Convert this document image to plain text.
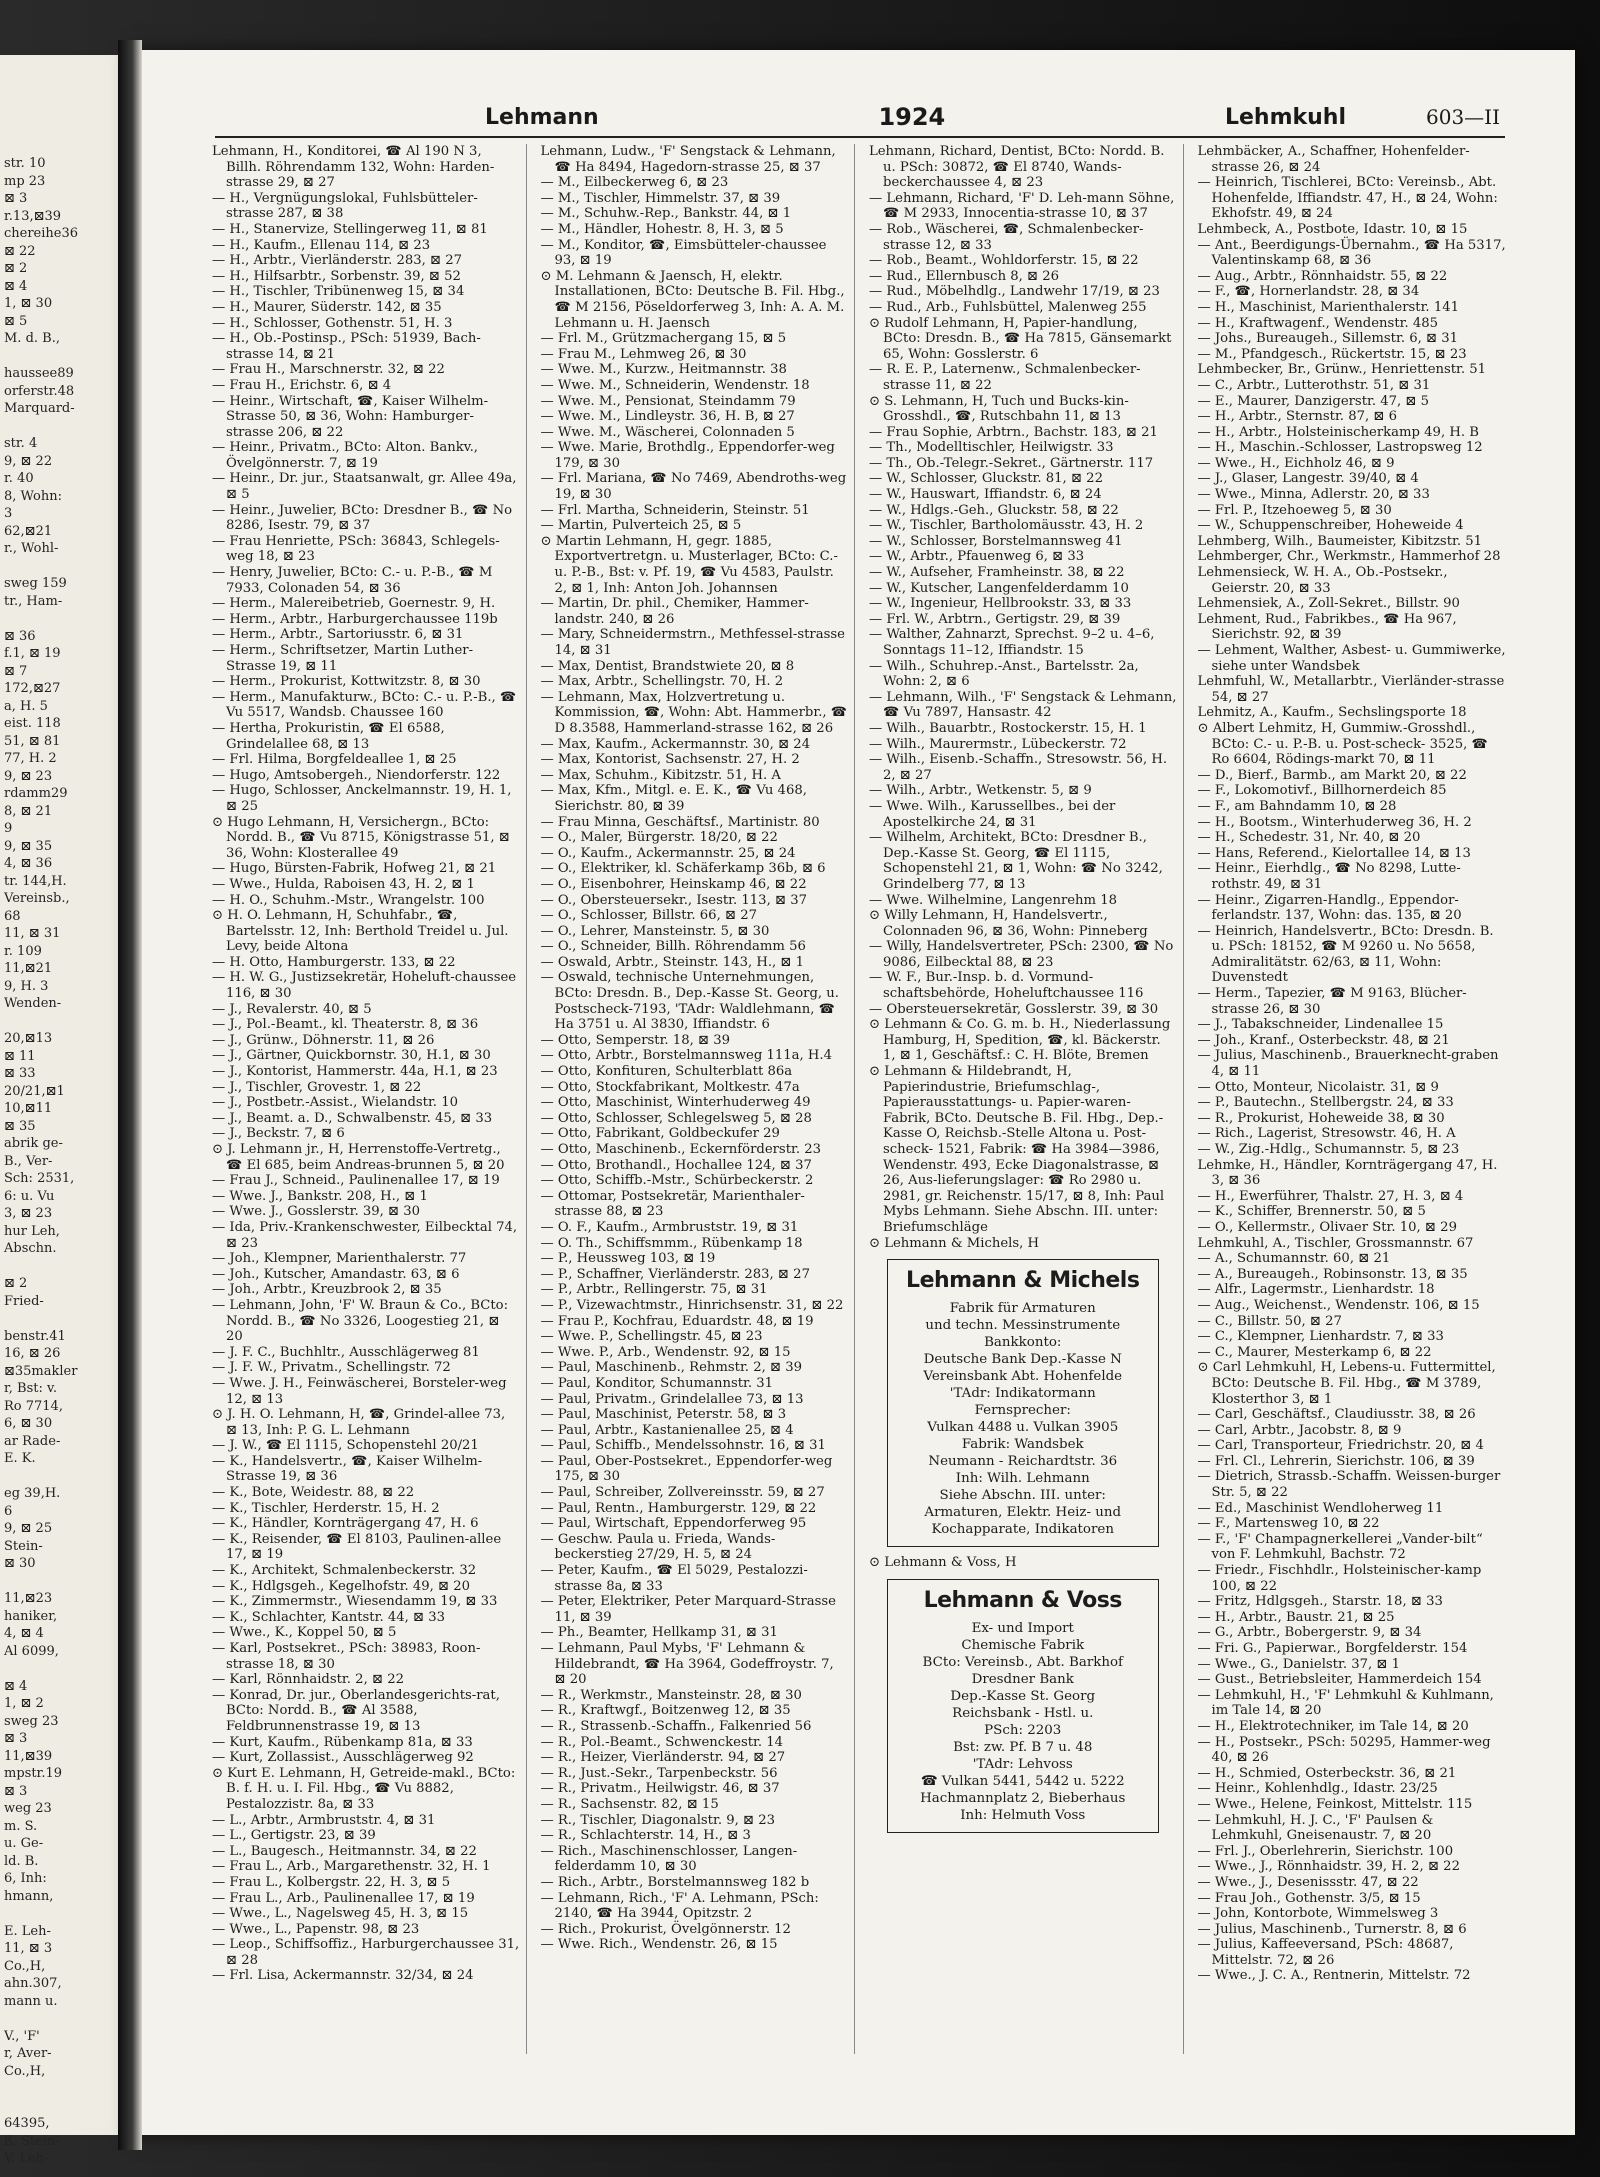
str. 10
mp 23
⊠ 3
r.13,⊠39
chereihe36
⊠ 22
⊠ 2
⊠ 4
1, ⊠ 30
⊠ 5
M. d. B.,
haussee89
orferstr.48
Marquard-
str. 4
9, ⊠ 22
r. 40
8, Wohn:
3
62,⊠21
r., Wohl-
sweg 159
tr., Ham-
⊠ 36
f.1, ⊠ 19
⊠ 7
172,⊠27
a, H. 5
eist. 118
51, ⊠ 81
77, H. 2
9, ⊠ 23
rdamm29
8, ⊠ 21
9
9, ⊠ 35
4, ⊠ 36
tr. 144,H.
Vereinsb.,
68
11, ⊠ 31
r. 109
11,⊠21
9, H. 3
Wenden-
20,⊠13
⊠ 11
⊠ 33
20/21,⊠1
10,⊠11
⊠ 35
abrik ge-
B., Ver-
Sch: 2531,
6: u. Vu
3, ⊠ 23
hur Leh,
Abschn.
⊠ 2
Fried-
benstr.41
16, ⊠ 26
⊠35makler
r, Bst: v.
Ro 7714,
6, ⊠ 30
ar Rade-
E. K.
eg 39,H.
6
9, ⊠ 25
Stein-
⊠ 30
11,⊠23
haniker,
4, ⊠ 4
Al 6099,
⊠ 4
1, ⊠ 2
sweg 23
⊠ 3
11,⊠39
mpstr.19
⊠ 3
weg 23
m. S.
u. Ge-
ld. B.
6, Inh:
hmann,
E. Leh-
11, ⊠ 3
Co.,H,
ahn.307,
mann u.
V., 'F'
r, Aver-
Co.,H,
64395,
ß, Stein-
V. Leh-
Lehmann	1924	Lehmkuhl	603—II

Lehmann, H., Konditorei, ☎ Al 190 N 3, Billh. Röhrendamm 132, Wohn: Harden-strasse 29, ⊠ 27

— H., Vergnügungslokal, Fuhlsbütteler-strasse 287, ⊠ 38

— H., Stanervize, Stellingerweg 11, ⊠ 81

— H., Kaufm., Ellenau 114, ⊠ 23

— H., Arbtr., Vierländerstr. 283, ⊠ 27

— H., Hilfsarbtr., Sorbenstr. 39, ⊠ 52

— H., Tischler, Tribünenweg 15, ⊠ 34

— H., Maurer, Süderstr. 142, ⊠ 35

— H., Schlosser, Gothenstr. 51, H. 3

— H., Ob.-Postinsp., PSch: 51939, Bach-strasse 14, ⊠ 21

— Frau H., Marschnerstr. 32, ⊠ 22

— Frau H., Erichstr. 6, ⊠ 4

— Heinr., Wirtschaft, ☎, Kaiser Wilhelm-Strasse 50, ⊠ 36, Wohn: Hamburger-strasse 206, ⊠ 22

— Heinr., Privatm., BCto: Alton. Bankv., Övelgönnerstr. 7, ⊠ 19

— Heinr., Dr. jur., Staatsanwalt, gr. Allee 49a, ⊠ 5

— Heinr., Juwelier, BCto: Dresdner B., ☎ No 8286, Isestr. 79, ⊠ 37

— Frau Henriette, PSch: 36843, Schlegels-weg 18, ⊠ 23

— Henry, Juwelier, BCto: C.- u. P.-B., ☎ M 7933, Colonaden 54, ⊠ 36

— Herm., Malereibetrieb, Goernestr. 9, H.

— Herm., Arbtr., Harburgerchaussee 119b

— Herm., Arbtr., Sartoriusstr. 6, ⊠ 31

— Herm., Schriftsetzer, Martin Luther-Strasse 19, ⊠ 11

— Herm., Prokurist, Kottwitzstr. 8, ⊠ 30

— Herm., Manufakturw., BCto: C.- u. P.-B., ☎ Vu 5517, Wandsb. Chaussee 160

— Hertha, Prokuristin, ☎ El 6588, Grindelallee 68, ⊠ 13

— Frl. Hilma, Borgfeldeallee 1, ⊠ 25

— Hugo, Amtsobergeh., Niendorferstr. 122

— Hugo, Schlosser, Anckelmannstr. 19, H. 1, ⊠ 25

⊙ Hugo Lehmann, H, Versichergn., BCto: Nordd. B., ☎ Vu 8715, Königstrasse 51, ⊠ 36, Wohn: Klosterallee 49

— Hugo, Bürsten-Fabrik, Hofweg 21, ⊠ 21

— Wwe., Hulda, Raboisen 43, H. 2, ⊠ 1

— H. O., Schuhm.-Mstr., Wrangelstr. 100

⊙ H. O. Lehmann, H, Schuhfabr., ☎, Bartelsstr. 12, Inh: Berthold Treidel u. Jul. Levy, beide Altona

— H. Otto, Hamburgerstr. 133, ⊠ 22

— H. W. G., Justizsekretär, Hoheluft-chaussee 116, ⊠ 30

— J., Revalerstr. 40, ⊠ 5

— J., Pol.-Beamt., kl. Theaterstr. 8, ⊠ 36

— J., Grünw., Döhnerstr. 11, ⊠ 26

— J., Gärtner, Quickbornstr. 30, H.1, ⊠ 30

— J., Kontorist, Hammerstr. 44a, H.1, ⊠ 23

— J., Tischler, Grovestr. 1, ⊠ 22

— J., Postbetr.-Assist., Wielandstr. 10

— J., Beamt. a. D., Schwalbenstr. 45, ⊠ 33

— J., Beckstr. 7, ⊠ 6

⊙ J. Lehmann jr., H, Herrenstoffe-Vertretg., ☎ El 685, beim Andreas-brunnen 5, ⊠ 20

— Frau J., Schneid., Paulinenallee 17, ⊠ 19

— Wwe. J., Bankstr. 208, H., ⊠ 1

— Wwe. J., Gosslerstr. 39, ⊠ 30

— Ida, Priv.-Krankenschwester, Eilbecktal 74, ⊠ 23

— Joh., Klempner, Marienthalerstr. 77

— Joh., Kutscher, Amandastr. 63, ⊠ 6

— Joh., Arbtr., Kreuzbrook 2, ⊠ 35

— Lehmann, John, 'F' W. Braun & Co., BCto: Nordd. B., ☎ No 3326, Loogestieg 21, ⊠ 20

— J. F. C., Buchhltr., Ausschlägerweg 81

— J. F. W., Privatm., Schellingstr. 72

— Wwe. J. H., Feinwäscherei, Borsteler-weg 12, ⊠ 13

⊙ J. H. O. Lehmann, H, ☎, Grindel-allee 73, ⊠ 13, Inh: P. G. L. Lehmann

— J. W., ☎ El 1115, Schopenstehl 20/21

— K., Handelsvertr., ☎, Kaiser Wilhelm-Strasse 19, ⊠ 36

— K., Bote, Weidestr. 88, ⊠ 22

— K., Tischler, Herderstr. 15, H. 2

— K., Händler, Kornträgergang 47, H. 6

— K., Reisender, ☎ El 8103, Paulinen-allee 17, ⊠ 19

— K., Architekt, Schmalenbeckerstr. 32

— K., Hdlgsgeh., Kegelhofstr. 49, ⊠ 20

— K., Zimmermstr., Wiesendamm 19, ⊠ 33

— K., Schlachter, Kantstr. 44, ⊠ 33

— Wwe., K., Koppel 50, ⊠ 5

— Karl, Postsekret., PSch: 38983, Roon-strasse 18, ⊠ 30

— Karl, Rönnhaidstr. 2, ⊠ 22

— Konrad, Dr. jur., Oberlandesgerichts-rat, BCto: Nordd. B., ☎ Al 3588, Feldbrunnenstrasse 19, ⊠ 13

— Kurt, Kaufm., Rübenkamp 81a, ⊠ 33

— Kurt, Zollassist., Ausschlägerweg 92

⊙ Kurt E. Lehmann, H, Getreide-makl., BCto: B. f. H. u. I. Fil. Hbg., ☎ Vu 8882, Pestalozzistr. 8a, ⊠ 33

— L., Arbtr., Armbruststr. 4, ⊠ 31

— L., Gertigstr. 23, ⊠ 39

— L., Baugesch., Heitmannstr. 34, ⊠ 22

— Frau L., Arb., Margarethenstr. 32, H. 1

— Frau L., Kolbergstr. 22, H. 3, ⊠ 5

— Frau L., Arb., Paulinenallee 17, ⊠ 19

— Wwe., L., Nagelsweg 45, H. 3, ⊠ 15

— Wwe., L., Papenstr. 98, ⊠ 23

— Leop., Schiffsoffiz., Harburgerchaussee 31, ⊠ 28

— Frl. Lisa, Ackermannstr. 32/34, ⊠ 24

Lehmann, Ludw., 'F' Sengstack & Lehmann, ☎ Ha 8494, Hagedorn-strasse 25, ⊠ 37

— M., Eilbeckerweg 6, ⊠ 23

— M., Tischler, Himmelstr. 37, ⊠ 39

— M., Schuhw.-Rep., Bankstr. 44, ⊠ 1

— M., Händler, Hohestr. 8, H. 3, ⊠ 5

— M., Konditor, ☎, Eimsbütteler-chaussee 93, ⊠ 19

⊙ M. Lehmann & Jaensch, H, elektr. Installationen, BCto: Deutsche B. Fil. Hbg., ☎ M 2156, Pöseldorferweg 3, Inh: A. A. M. Lehmann u. H. Jaensch

— Frl. M., Grützmachergang 15, ⊠ 5

— Frau M., Lehmweg 26, ⊠ 30

— Wwe. M., Kurzw., Heitmannstr. 38

— Wwe. M., Schneiderin, Wendenstr. 18

— Wwe. M., Pensionat, Steindamm 79

— Wwe. M., Lindleystr. 36, H. B, ⊠ 27

— Wwe. M., Wäscherei, Colonnaden 5

— Wwe. Marie, Brothdlg., Eppendorfer-weg 179, ⊠ 30

— Frl. Mariana, ☎ No 7469, Abendroths-weg 19, ⊠ 30

— Frl. Martha, Schneiderin, Steinstr. 51

— Martin, Pulverteich 25, ⊠ 5

⊙ Martin Lehmann, H, gegr. 1885, Exportvertretgn. u. Musterlager, BCto: C.- u. P.-B., Bst: v. Pf. 19, ☎ Vu 4583, Paulstr. 2, ⊠ 1, Inh: Anton Joh. Johannsen

— Martin, Dr. phil., Chemiker, Hammer-landstr. 240, ⊠ 26

— Mary, Schneidermstrn., Methfessel-strasse 14, ⊠ 31

— Max, Dentist, Brandstwiete 20, ⊠ 8

— Max, Arbtr., Schellingstr. 70, H. 2

— Lehmann, Max, Holzvertretung u. Kommission, ☎, Wohn: Abt. Hammerbr., ☎ D 8.3588, Hammerland-strasse 162, ⊠ 26

— Max, Kaufm., Ackermannstr. 30, ⊠ 24

— Max, Kontorist, Sachsenstr. 27, H. 2

— Max, Schuhm., Kibitzstr. 51, H. A

— Max, Kfm., Mitgl. e. E. K., ☎ Vu 468, Sierichstr. 80, ⊠ 39

— Frau Minna, Geschäftsf., Martinistr. 80

— O., Maler, Bürgerstr. 18/20, ⊠ 22

— O., Kaufm., Ackermannstr. 25, ⊠ 24

— O., Elektriker, kl. Schäferkamp 36b, ⊠ 6

— O., Eisenbohrer, Heinskamp 46, ⊠ 22

— O., Obersteuersekr., Isestr. 113, ⊠ 37

— O., Schlosser, Billstr. 66, ⊠ 27

— O., Lehrer, Mansteinstr. 5, ⊠ 30

— O., Schneider, Billh. Röhrendamm 56

— Oswald, Arbtr., Steinstr. 143, H., ⊠ 1

— Oswald, technische Unternehmungen, BCto: Dresdn. B., Dep.-Kasse St. Georg, u. Postscheck-7193, 'TAdr: Waldlehmann, ☎ Ha 3751 u. Al 3830, Iffiandstr. 6

— Otto, Semperstr. 18, ⊠ 39

— Otto, Arbtr., Borstelmannsweg 111a, H.4

— Otto, Konfituren, Schulterblatt 86a

— Otto, Stockfabrikant, Moltkestr. 47a

— Otto, Maschinist, Winterhuderweg 49

— Otto, Schlosser, Schlegelsweg 5, ⊠ 28

— Otto, Fabrikant, Goldbeckufer 29

— Otto, Maschinenb., Eckernförderstr. 23

— Otto, Brothandl., Hochallee 124, ⊠ 37

— Otto, Schiffb.-Mstr., Schürbeckerstr. 2

— Ottomar, Postsekretär, Marienthaler-strasse 88, ⊠ 23

— O. F., Kaufm., Armbruststr. 19, ⊠ 31

— O. Th., Schiffsmmm., Rübenkamp 18

— P., Heussweg 103, ⊠ 19

— P., Schaffner, Vierländerstr. 283, ⊠ 27

— P., Arbtr., Rellingerstr. 75, ⊠ 31

— P., Vizewachtmstr., Hinrichsenstr. 31, ⊠ 22

— Frau P., Kochfrau, Eduardstr. 48, ⊠ 19

— Wwe. P., Schellingstr. 45, ⊠ 23

— Wwe. P., Arb., Wendenstr. 92, ⊠ 15

— Paul, Maschinenb., Rehmstr. 2, ⊠ 39

— Paul, Konditor, Schumannstr. 31

— Paul, Privatm., Grindelallee 73, ⊠ 13

— Paul, Maschinist, Peterstr. 58, ⊠ 3

— Paul, Arbtr., Kastanienallee 25, ⊠ 4

— Paul, Schiffb., Mendelssohnstr. 16, ⊠ 31

— Paul, Ober-Postsekret., Eppendorfer-weg 175, ⊠ 30

— Paul, Schreiber, Zollvereinsstr. 59, ⊠ 27

— Paul, Rentn., Hamburgerstr. 129, ⊠ 22

— Paul, Wirtschaft, Eppendorferweg 95

— Geschw. Paula u. Frieda, Wands-beckerstieg 27/29, H. 5, ⊠ 24

— Peter, Kaufm., ☎ El 5029, Pestalozzi-strasse 8a, ⊠ 33

— Peter, Elektriker, Peter Marquard-Strasse 11, ⊠ 39

— Ph., Beamter, Hellkamp 31, ⊠ 31

— Lehmann, Paul Mybs, 'F' Lehmann & Hildebrandt, ☎ Ha 3964, Godeffroystr. 7, ⊠ 20

— R., Werkmstr., Mansteinstr. 28, ⊠ 30

— R., Kraftwgf., Boitzenweg 12, ⊠ 35

— R., Strassenb.-Schaffn., Falkenried 56

— R., Pol.-Beamt., Schwenckestr. 14

— R., Heizer, Vierländerstr. 94, ⊠ 27

— R., Just.-Sekr., Tarpenbeckstr. 56

— R., Privatm., Heilwigstr. 46, ⊠ 37

— R., Sachsenstr. 82, ⊠ 15

— R., Tischler, Diagonalstr. 9, ⊠ 23

— R., Schlachterstr. 14, H., ⊠ 3

— Rich., Maschinenschlosser, Langen-felderdamm 10, ⊠ 30

— Rich., Arbtr., Borstelmannsweg 182 b

— Lehmann, Rich., 'F' A. Lehmann, PSch: 2140, ☎ Ha 3944, Opitzstr. 2

— Rich., Prokurist, Övelgönnerstr. 12

— Wwe. Rich., Wendenstr. 26, ⊠ 15

Lehmann, Richard, Dentist, BCto: Nordd. B. u. PSch: 30872, ☎ El 8740, Wands-beckerchaussee 4, ⊠ 23

— Lehmann, Richard, 'F' D. Leh-mann Söhne, ☎ M 2933, Innocentia-strasse 10, ⊠ 37

— Rob., Wäscherei, ☎, Schmalenbecker-strasse 12, ⊠ 33

— Rob., Beamt., Wohldorferstr. 15, ⊠ 22

— Rud., Ellernbusch 8, ⊠ 26

— Rud., Möbelhdlg., Landwehr 17/19, ⊠ 23

— Rud., Arb., Fuhlsbüttel, Malenweg 255

⊙ Rudolf Lehmann, H, Papier-handlung, BCto: Dresdn. B., ☎ Ha 7815, Gänsemarkt 65, Wohn: Gosslerstr. 6

— R. E. P., Laternenw., Schmalenbecker-strasse 11, ⊠ 22

⊙ S. Lehmann, H, Tuch und Bucks-kin-Grosshdl., ☎, Rutschbahn 11, ⊠ 13

— Frau Sophie, Arbtrn., Bachstr. 183, ⊠ 21

— Th., Modelltischler, Heilwigstr. 33

— Th., Ob.-Telegr.-Sekret., Gärtnerstr. 117

— W., Schlosser, Gluckstr. 81, ⊠ 22

— W., Hauswart, Iffiandstr. 6, ⊠ 24

— W., Hdlgs.-Geh., Gluckstr. 58, ⊠ 22

— W., Tischler, Bartholomäusstr. 43, H. 2

— W., Schlosser, Borstelmannsweg 41

— W., Arbtr., Pfauenweg 6, ⊠ 33

— W., Aufseher, Framheinstr. 38, ⊠ 22

— W., Kutscher, Langenfelderdamm 10

— W., Ingenieur, Hellbrookstr. 33, ⊠ 33

— Frl. W., Arbtrn., Gertigstr. 29, ⊠ 39

— Walther, Zahnarzt, Sprechst. 9–2 u. 4–6, Sonntags 11–12, Iffiandstr. 15

— Wilh., Schuhrep.-Anst., Bartelsstr. 2a, Wohn: 2, ⊠ 6

— Lehmann, Wilh., 'F' Sengstack & Lehmann, ☎ Vu 7897, Hansastr. 42

— Wilh., Bauarbtr., Rostockerstr. 15, H. 1

— Wilh., Maurermstr., Lübeckerstr. 72

— Wilh., Eisenb.-Schaffn., Stresowstr. 56, H. 2, ⊠ 27

— Wilh., Arbtr., Wetkenstr. 5, ⊠ 9

— Wwe. Wilh., Karussellbes., bei der Apostelkirche 24, ⊠ 31

— Wilhelm, Architekt, BCto: Dresdner B., Dep.-Kasse St. Georg, ☎ El 1115, Schopenstehl 21, ⊠ 1, Wohn: ☎ No 3242, Grindelberg 77, ⊠ 13

— Wwe. Wilhelmine, Langenrehm 18

⊙ Willy Lehmann, H, Handelsvertr., Colonnaden 96, ⊠ 36, Wohn: Pinneberg

— Willy, Handelsvertreter, PSch: 2300, ☎ No 9086, Eilbecktal 88, ⊠ 23

— W. F., Bur.-Insp. b. d. Vormund-schaftsbehörde, Hoheluftchaussee 116

— Obersteuersekretär, Gosslerstr. 39, ⊠ 30

⊙ Lehmann & Co. G. m. b. H., Niederlassung Hamburg, H, Spedition, ☎, kl. Bäckerstr. 1, ⊠ 1, Geschäftsf.: C. H. Blöte, Bremen

⊙ Lehmann & Hildebrandt, H, Papierindustrie, Briefumschlag-, Papierausstattungs- u. Papier-waren-Fabrik, BCto. Deutsche B. Fil. Hbg., Dep.-Kasse O, Reichsb.-Stelle Altona u. Post-scheck- 1521, Fabrik: ☎ Ha 3984—3986, Wendenstr. 493, Ecke Diagonalstrasse, ⊠ 26, Aus-lieferungslager: ☎ Ro 2980 u. 2981, gr. Reichenstr. 15/17, ⊠ 8, Inh: Paul Mybs Lehmann. Siehe Abschn. III. unter: Briefumschläge

⊙ Lehmann & Michels, H

Lehmann & Michels
Fabrik für Armaturen
und techn. Messinstrumente
Bankkonto:
Deutsche Bank Dep.-Kasse N
Vereinsbank Abt. Hohenfelde
'TAdr: Indikatormann
Fernsprecher:
Vulkan 4488 u. Vulkan 3905
Fabrik: Wandsbek
Neumann - Reichardtstr. 36
Inh: Wilh. Lehmann
Siehe Abschn. III. unter:
Armaturen, Elektr. Heiz- und
Kochapparate, Indikatoren

⊙ Lehmann & Voss, H

Lehmann & Voss
Ex- und Import
Chemische Fabrik
BCto: Vereinsb., Abt. Barkhof
Dresdner Bank
Dep.-Kasse St. Georg
Reichsbank - Hstl. u.
PSch: 2203
Bst: zw. Pf. B 7 u. 48
'TAdr: Lehvoss
☎ Vulkan 5441, 5442 u. 5222
Hachmannplatz 2, Bieberhaus
Inh: Helmuth Voss

Lehmbäcker, A., Schaffner, Hohenfelder-strasse 26, ⊠ 24

— Heinrich, Tischlerei, BCto: Vereinsb., Abt. Hohenfelde, Iffiandstr. 47, H., ⊠ 24, Wohn: Ekhofstr. 49, ⊠ 24

Lehmbeck, A., Postbote, Idastr. 10, ⊠ 15

— Ant., Beerdigungs-Übernahm., ☎ Ha 5317, Valentinskamp 68, ⊠ 36

— Aug., Arbtr., Rönnhaidstr. 55, ⊠ 22

— F., ☎, Hornerlandstr. 28, ⊠ 34

— H., Maschinist, Marienthalerstr. 141

— H., Kraftwagenf., Wendenstr. 485

— Johs., Bureaugeh., Sillemstr. 6, ⊠ 31

— M., Pfandgesch., Rückertstr. 15, ⊠ 23

Lehmbecker, Br., Grünw., Henriettenstr. 51

— C., Arbtr., Lutterothstr. 51, ⊠ 31

— E., Maurer, Danzigerstr. 47, ⊠ 5

— H., Arbtr., Sternstr. 87, ⊠ 6

— H., Arbtr., Holsteinischerkamp 49, H. B

— H., Maschin.-Schlosser, Lastropsweg 12

— Wwe., H., Eichholz 46, ⊠ 9

— J., Glaser, Langestr. 39/40, ⊠ 4

— Wwe., Minna, Adlerstr. 20, ⊠ 33

— Frl. P., Itzehoeweg 5, ⊠ 30

— W., Schuppenschreiber, Hoheweide 4

Lehmberg, Wilh., Baumeister, Kibitzstr. 51

Lehmberger, Chr., Werkmstr., Hammerhof 28

Lehmensieck, W. H. A., Ob.-Postsekr., Geierstr. 20, ⊠ 33

Lehmensiek, A., Zoll-Sekret., Billstr. 90

Lehment, Rud., Fabrikbes., ☎ Ha 967, Sierichstr. 92, ⊠ 39

— Lehment, Walther, Asbest- u. Gummiwerke, siehe unter Wandsbek

Lehmfuhl, W., Metallarbtr., Vierländer-strasse 54, ⊠ 27

Lehmitz, A., Kaufm., Sechslingsporte 18

⊙ Albert Lehmitz, H, Gummiw.-Grosshdl., BCto: C.- u. P.-B. u. Post-scheck- 3525, ☎ Ro 6604, Rödings-markt 70, ⊠ 11

— D., Bierf., Barmb., am Markt 20, ⊠ 22

— F., Lokomotivf., Billhornerdeich 85

— F., am Bahndamm 10, ⊠ 28

— H., Bootsm., Winterhuderweg 36, H. 2

— H., Schedestr. 31, Nr. 40, ⊠ 20

— Hans, Referend., Kielortallee 14, ⊠ 13

— Heinr., Eierhdlg., ☎ No 8298, Lutte-rothstr. 49, ⊠ 31

— Heinr., Zigarren-Handlg., Eppendor-ferlandstr. 137, Wohn: das. 135, ⊠ 20

— Heinrich, Handelsvertr., BCto: Dresdn. B. u. PSch: 18152, ☎ M 9260 u. No 5658, Admiralitätstr. 62/63, ⊠ 11, Wohn: Duvenstedt

— Herm., Tapezier, ☎ M 9163, Blücher-strasse 26, ⊠ 30

— J., Tabakschneider, Lindenallee 15

— Joh., Kranf., Osterbeckstr. 48, ⊠ 21

— Julius, Maschinenb., Brauerknecht-graben 4, ⊠ 11

— Otto, Monteur, Nicolaistr. 31, ⊠ 9

— P., Bautechn., Stellbergstr. 24, ⊠ 33

— R., Prokurist, Hoheweide 38, ⊠ 30

— Rich., Lagerist, Stresowstr. 46, H. A

— W., Zig.-Hdlg., Schumannstr. 5, ⊠ 23

Lehmke, H., Händler, Kornträgergang 47, H. 3, ⊠ 36

— H., Ewerführer, Thalstr. 27, H. 3, ⊠ 4

— K., Schiffer, Brennerstr. 50, ⊠ 5

— O., Kellermstr., Olivaer Str. 10, ⊠ 29

Lehmkuhl, A., Tischler, Grossmannstr. 67

— A., Schumannstr. 60, ⊠ 21

— A., Bureaugeh., Robinsonstr. 13, ⊠ 35

— Alfr., Lagermstr., Lienhardstr. 18

— Aug., Weichenst., Wendenstr. 106, ⊠ 15

— C., Billstr. 50, ⊠ 27

— C., Klempner, Lienhardstr. 7, ⊠ 33

— C., Maurer, Mesterkamp 6, ⊠ 22

⊙ Carl Lehmkuhl, H, Lebens-u. Futtermittel, BCto: Deutsche B. Fil. Hbg., ☎ M 3789, Klosterthor 3, ⊠ 1

— Carl, Geschäftsf., Claudiusstr. 38, ⊠ 26

— Carl, Arbtr., Jacobstr. 8, ⊠ 9

— Carl, Transporteur, Friedrichstr. 20, ⊠ 4

— Frl. Cl., Lehrerin, Sierichstr. 106, ⊠ 39

— Dietrich, Strassb.-Schaffn. Weissen-burger Str. 5, ⊠ 22

— Ed., Maschinist Wendloherweg 11

— F., Martensweg 10, ⊠ 22

— F., 'F' Champagnerkellerei „Vander-bilt“ von F. Lehmkuhl, Bachstr. 72

— Friedr., Fischhdlr., Holsteinischer-kamp 100, ⊠ 22

— Fritz, Hdlgsgeh., Starstr. 18, ⊠ 33

— H., Arbtr., Baustr. 21, ⊠ 25

— G., Arbtr., Bobergerstr. 9, ⊠ 34

— Fri. G., Papierwar., Borgfelderstr. 154

— Wwe., G., Danielstr. 37, ⊠ 1

— Gust., Betriebsleiter, Hammerdeich 154

— Lehmkuhl, H., 'F' Lehmkuhl & Kuhlmann, im Tale 14, ⊠ 20

— H., Elektrotechniker, im Tale 14, ⊠ 20

— H., Postsekr., PSch: 50295, Hammer-weg 40, ⊠ 26

— H., Schmied, Osterbeckstr. 36, ⊠ 21

— Heinr., Kohlenhdlg., Idastr. 23/25

— Wwe., Helene, Feinkost, Mittelstr. 115

— Lehmkuhl, H. J. C., 'F' Paulsen & Lehmkuhl, Gneisenaustr. 7, ⊠ 20

— Frl. J., Oberlehrerin, Sierichstr. 100

— Wwe., J., Rönnhaidstr. 39, H. 2, ⊠ 22

— Wwe., J., Desenissstr. 47, ⊠ 22

— Frau Joh., Gothenstr. 3/5, ⊠ 15

— John, Kontorbote, Wimmelsweg 3

— Julius, Maschinenb., Turnerstr. 8, ⊠ 6

— Julius, Kaffeeversand, PSch: 48687, Mittelstr. 72, ⊠ 26

— Wwe., J. C. A., Rentnerin, Mittelstr. 72
